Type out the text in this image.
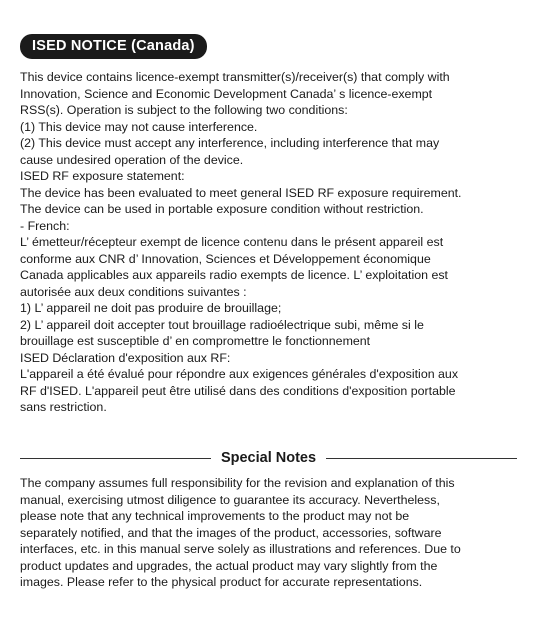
ISED NOTICE (Canada)
This device contains licence-exempt transmitter(s)/receiver(s) that comply with
Innovation, Science and Economic Development Canada’ s licence-exempt
RSS(s). Operation is subject to the following two conditions:
(1) This device may not cause interference.
(2) This device must accept any interference, including interference that may
cause undesired operation of the device.
ISED RF exposure statement:
The device has been evaluated to meet general ISED RF exposure requirement.
The device can be used in portable exposure condition without restriction.
- French:
L’ émetteur/récepteur exempt de licence contenu dans le présent appareil est
conforme aux CNR d’ Innovation, Sciences et Développement économique
Canada applicables aux appareils radio exempts de licence. L’ exploitation est
autorisée aux deux conditions suivantes :
1) L’ appareil ne doit pas produire de brouillage;
2) L’ appareil doit accepter tout brouillage radioélectrique subi, même si le
brouillage est susceptible d’ en compromettre le fonctionnement
ISED Déclaration d'exposition aux RF:
L'appareil a été évalué pour répondre aux exigences générales d'exposition aux
RF d'ISED. L'appareil peut être utilisé dans des conditions d'exposition portable
sans restriction.
Special Notes
The company assumes full responsibility for the revision and explanation of this
manual, exercising utmost diligence to guarantee its accuracy. Nevertheless,
please note that any technical improvements to the product may not be
separately notified, and that the images of the product, accessories, software
interfaces, etc. in this manual serve solely as illustrations and references. Due to
product updates and upgrades, the actual product may vary slightly from the
images. Please refer to the physical product for accurate representations.
